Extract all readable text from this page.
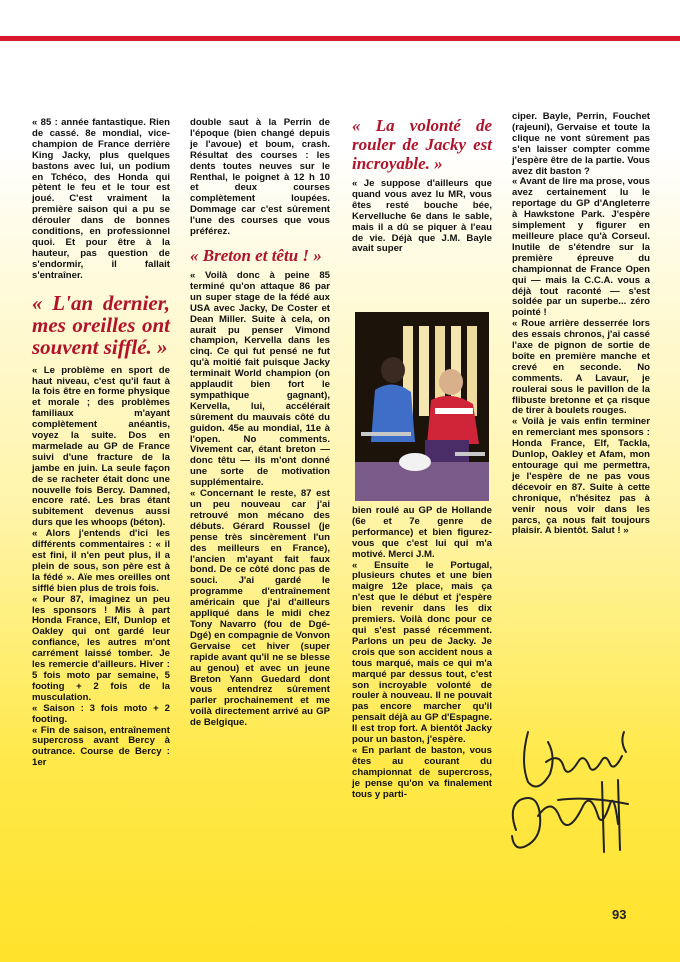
« 85 : année fantastique. Rien de cassé. 8e mondial, vice-champion de France derrière King Jacky, plus quelques bastons avec lui, un podium en Tchéco, des Honda qui pètent le feu et le tour est joué. C'est vraiment la première saison qui a pu se dérouler dans de bonnes conditions, en professionnel quoi. Et pour être à la hauteur, pas question de s'endormir, il fallait s'entraîner.

« L'an dernier, mes oreilles ont souvent sifflé. »

« Le problème en sport de haut niveau, c'est qu'il faut à la fois être en forme physique et morale ; des problèmes familiaux m'ayant complètement anéantis, voyez la suite. Dos en marmelade au GP de France suivi d'une fracture de la jambe en juin. La seule façon de se racheter était donc une nouvelle fois Bercy. Damned, encore raté. Les bras étant subitement devenus aussi durs que les whoops (béton).

« Alors j'entends d'ici les différents commentaires : « il est fini, il n'en peut plus, il a plein de sous, son père est à la fédé ». Aïe mes oreilles ont sifflé bien plus de trois fois.

« Pour 87, imaginez un peu les sponsors ! Mis à part Honda France, Elf, Dunlop et Oakley qui ont gardé leur confiance, les autres m'ont carrément laissé tomber. Je les remercie d'ailleurs. Hiver : 5 fois moto par semaine, 5 footing + 2 fois de la musculation.

« Saison : 3 fois moto + 2 footing.

« Fin de saison, entraînement supercross avant Bercy à outrance. Course de Bercy : 1er

double saut à la Perrin de l'époque (bien changé depuis je l'avoue) et boum, crash. Résultat des courses : les dents toutes neuves sur le Renthal, le poignet à 12 h 10 et deux courses complètement loupées. Dommage car c'est sûrement l'une des courses que vous préférez.

« Breton et têtu ! »

« Voilà donc à peine 85 terminé qu'on attaque 86 par un super stage de la fédé aux USA avec Jacky, De Coster et Dean Miller. Suite à cela, on aurait pu penser Vimond champion, Kervella dans les cinq. Ce qui fut pensé ne fut qu'à moitié fait puisque Jacky terminait World champion (on applaudit bien fort le sympathique gagnant), Kervella, lui, accélérait sûrement du mauvais côté du guidon. 45e au mondial, 11e à l'open. No comments. Vivement car, étant breton — donc têtu — ils m'ont donné une sorte de motivation supplémentaire.

« Concernant le reste, 87 est un peu nouveau car j'ai retrouvé mon mécano des débuts. Gérard Roussel (je pense très sincèrement l'un des meilleurs en France), l'ancien m'ayant fait faux bond. De ce côté donc pas de souci. J'ai gardé le programme d'entraînement américain que j'ai d'ailleurs appliqué dans le midi chez Tony Navarro (fou de Dgé-Dgé) en compagnie de Vonvon Gervaise cet hiver (super rapide avant qu'il ne se blesse au genou) et avec un jeune Breton Yann Guedard dont vous entendrez sûrement parler prochainement et me voilà directement arrivé au GP de Belgique.

« La volonté de rouler de Jacky est incroyable. »

« Je suppose d'ailleurs que quand vous avez lu MR, vous êtes resté bouche bée, Kervelluche 6e dans le sable, mais il a dû se piquer à l'eau de vie. Déjà que J.M. Bayle avait super

bien roulé au GP de Hollande (6e et 7e genre de performance) et bien figurez-vous que c'est lui qui m'a motivé. Merci J.M.

« Ensuite le Portugal, plusieurs chutes et une bien maigre 12e place, mais ça n'est que le début et j'espère bien revenir dans les dix premiers. Voilà donc pour ce qui s'est passé récemment. Parlons un peu de Jacky. Je crois que son accident nous a tous marqué, mais ce qui m'a marqué par dessus tout, c'est son incroyable volonté de rouler à nouveau. Il ne pouvait pas encore marcher qu'il pensait déjà au GP d'Espagne. Il est trop fort. A bientôt Jacky pour un baston, j'espère.

« En parlant de baston, vous êtes au courant du championnat de supercross, je pense qu'on va finalement tous y parti-

ciper. Bayle, Perrin, Fouchet (rajeuni), Gervaise et toute la clique ne vont sûrement pas s'en laisser compter comme j'espère être de la partie. Vous avez dit baston ?

« Avant de lire ma prose, vous avez certainement lu le reportage du GP d'Angleterre à Hawkstone Park. J'espère simplement y figurer en meilleure place qu'à Corseul. Inutile de s'étendre sur la première épreuve du championnat de France Open qui — mais la C.C.A. vous a déjà tout raconté — s'est soldée par un superbe... zéro pointé !

« Roue arrière desserrée lors des essais chronos, j'ai cassé l'axe de pignon de sortie de boîte en première manche et crevé en seconde. No comments. A Lavaur, je roulerai sous le pavillon de la flibuste bretonne et ça risque de tirer à boulets rouges.

« Voilà je vais enfin terminer en remerciant mes sponsors : Honda France, Elf, Tackla, Dunlop, Oakley et Afam, mon entourage qui me permettra, je l'espère de ne pas vous décevoir en 87. Suite à cette chronique, n'hésitez pas à venir nous voir dans les parcs, ça nous fait toujours plaisir. A bientôt. Salut ! »

93
